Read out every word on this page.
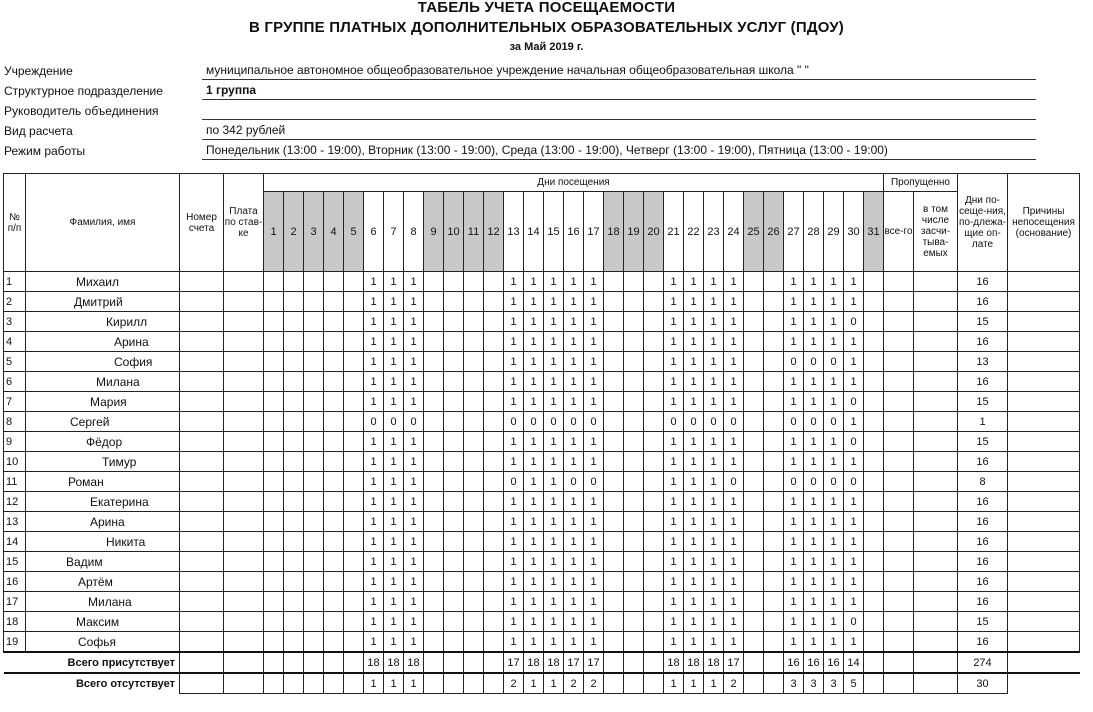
ТАБЕЛЬ УЧЕТА ПОСЕЩАЕМОСТИ
В ГРУППЕ ПЛАТНЫХ ДОПОЛНИТЕЛЬНЫХ ОБРАЗОВАТЕЛЬНЫХ УСЛУГ (ПДОУ)
за Май 2019 г.
Учреждение	муниципальное автономное общеобразовательное учреждение начальная общеобразовательная школа " "
Структурное подразделение	1 группа
Руководитель объединения
Вид расчета	по 342 рублей
Режим работы	Понедельник (13:00 - 19:00), Вторник (13:00 - 19:00), Среда (13:00 - 19:00), Четверг (13:00 - 19:00), Пятница (13:00 - 19:00)
№ п/п	Фамилия, имя	Номер счета	Плата по став-ке	Дни посещения																															Пропущенно		Дни по-сеще-ния, по-длежа-щие оп-лате	Причины непосещения (основание)
				1	2	3	4	5	6	7	8	9	10	11	12	13	14	15	16	17	18	19	20	21	22	23	24	25	26	27	28	29	30	31	все-го	в том числе засчи-тыва-емых		
1	Михаил								1	1	1					1	1	1	1	1				1	1	1	1			1	1	1	1				16	
2	Дмитрий								1	1	1					1	1	1	1	1				1	1	1	1			1	1	1	1				16	
3	Кирилл								1	1	1					1	1	1	1	1				1	1	1	1			1	1	1	0				15	
4	Арина								1	1	1					1	1	1	1	1				1	1	1	1			1	1	1	1				16	
5	София								1	1	1					1	1	1	1	1				1	1	1	1			0	0	0	1				13	
6	Милана								1	1	1					1	1	1	1	1				1	1	1	1			1	1	1	1				16	
7	Мария								1	1	1					1	1	1	1	1				1	1	1	1			1	1	1	0				15	
8	Сергей								0	0	0					0	0	0	0	0				0	0	0	0			0	0	0	1				1	
9	Фёдор								1	1	1					1	1	1	1	1				1	1	1	1			1	1	1	0				15	
10	Тимур								1	1	1					1	1	1	1	1				1	1	1	1			1	1	1	1				16	
11	Роман								1	1	1					0	1	1	0	0				1	1	1	0			0	0	0	0				8	
12	Екатерина								1	1	1					1	1	1	1	1				1	1	1	1			1	1	1	1				16	
13	Арина								1	1	1					1	1	1	1	1				1	1	1	1			1	1	1	1				16	
14	Никита								1	1	1					1	1	1	1	1				1	1	1	1			1	1	1	1				16	
15	Вадим								1	1	1					1	1	1	1	1				1	1	1	1			1	1	1	1				16	
16	Артём								1	1	1					1	1	1	1	1				1	1	1	1			1	1	1	1				16	
17	Милана								1	1	1					1	1	1	1	1				1	1	1	1			1	1	1	1				16	
18	Максим								1	1	1					1	1	1	1	1				1	1	1	1			1	1	1	0				15	
19	Софья								1	1	1					1	1	1	1	1				1	1	1	1			1	1	1	1				16	
Всего присутствует									18	18	18					17	18	18	17	17				18	18	18	17			16	16	16	14				274	
Всего отсутствует									1	1	1					2	1	1	2	2				1	1	1	2			3	3	3	5				30	
